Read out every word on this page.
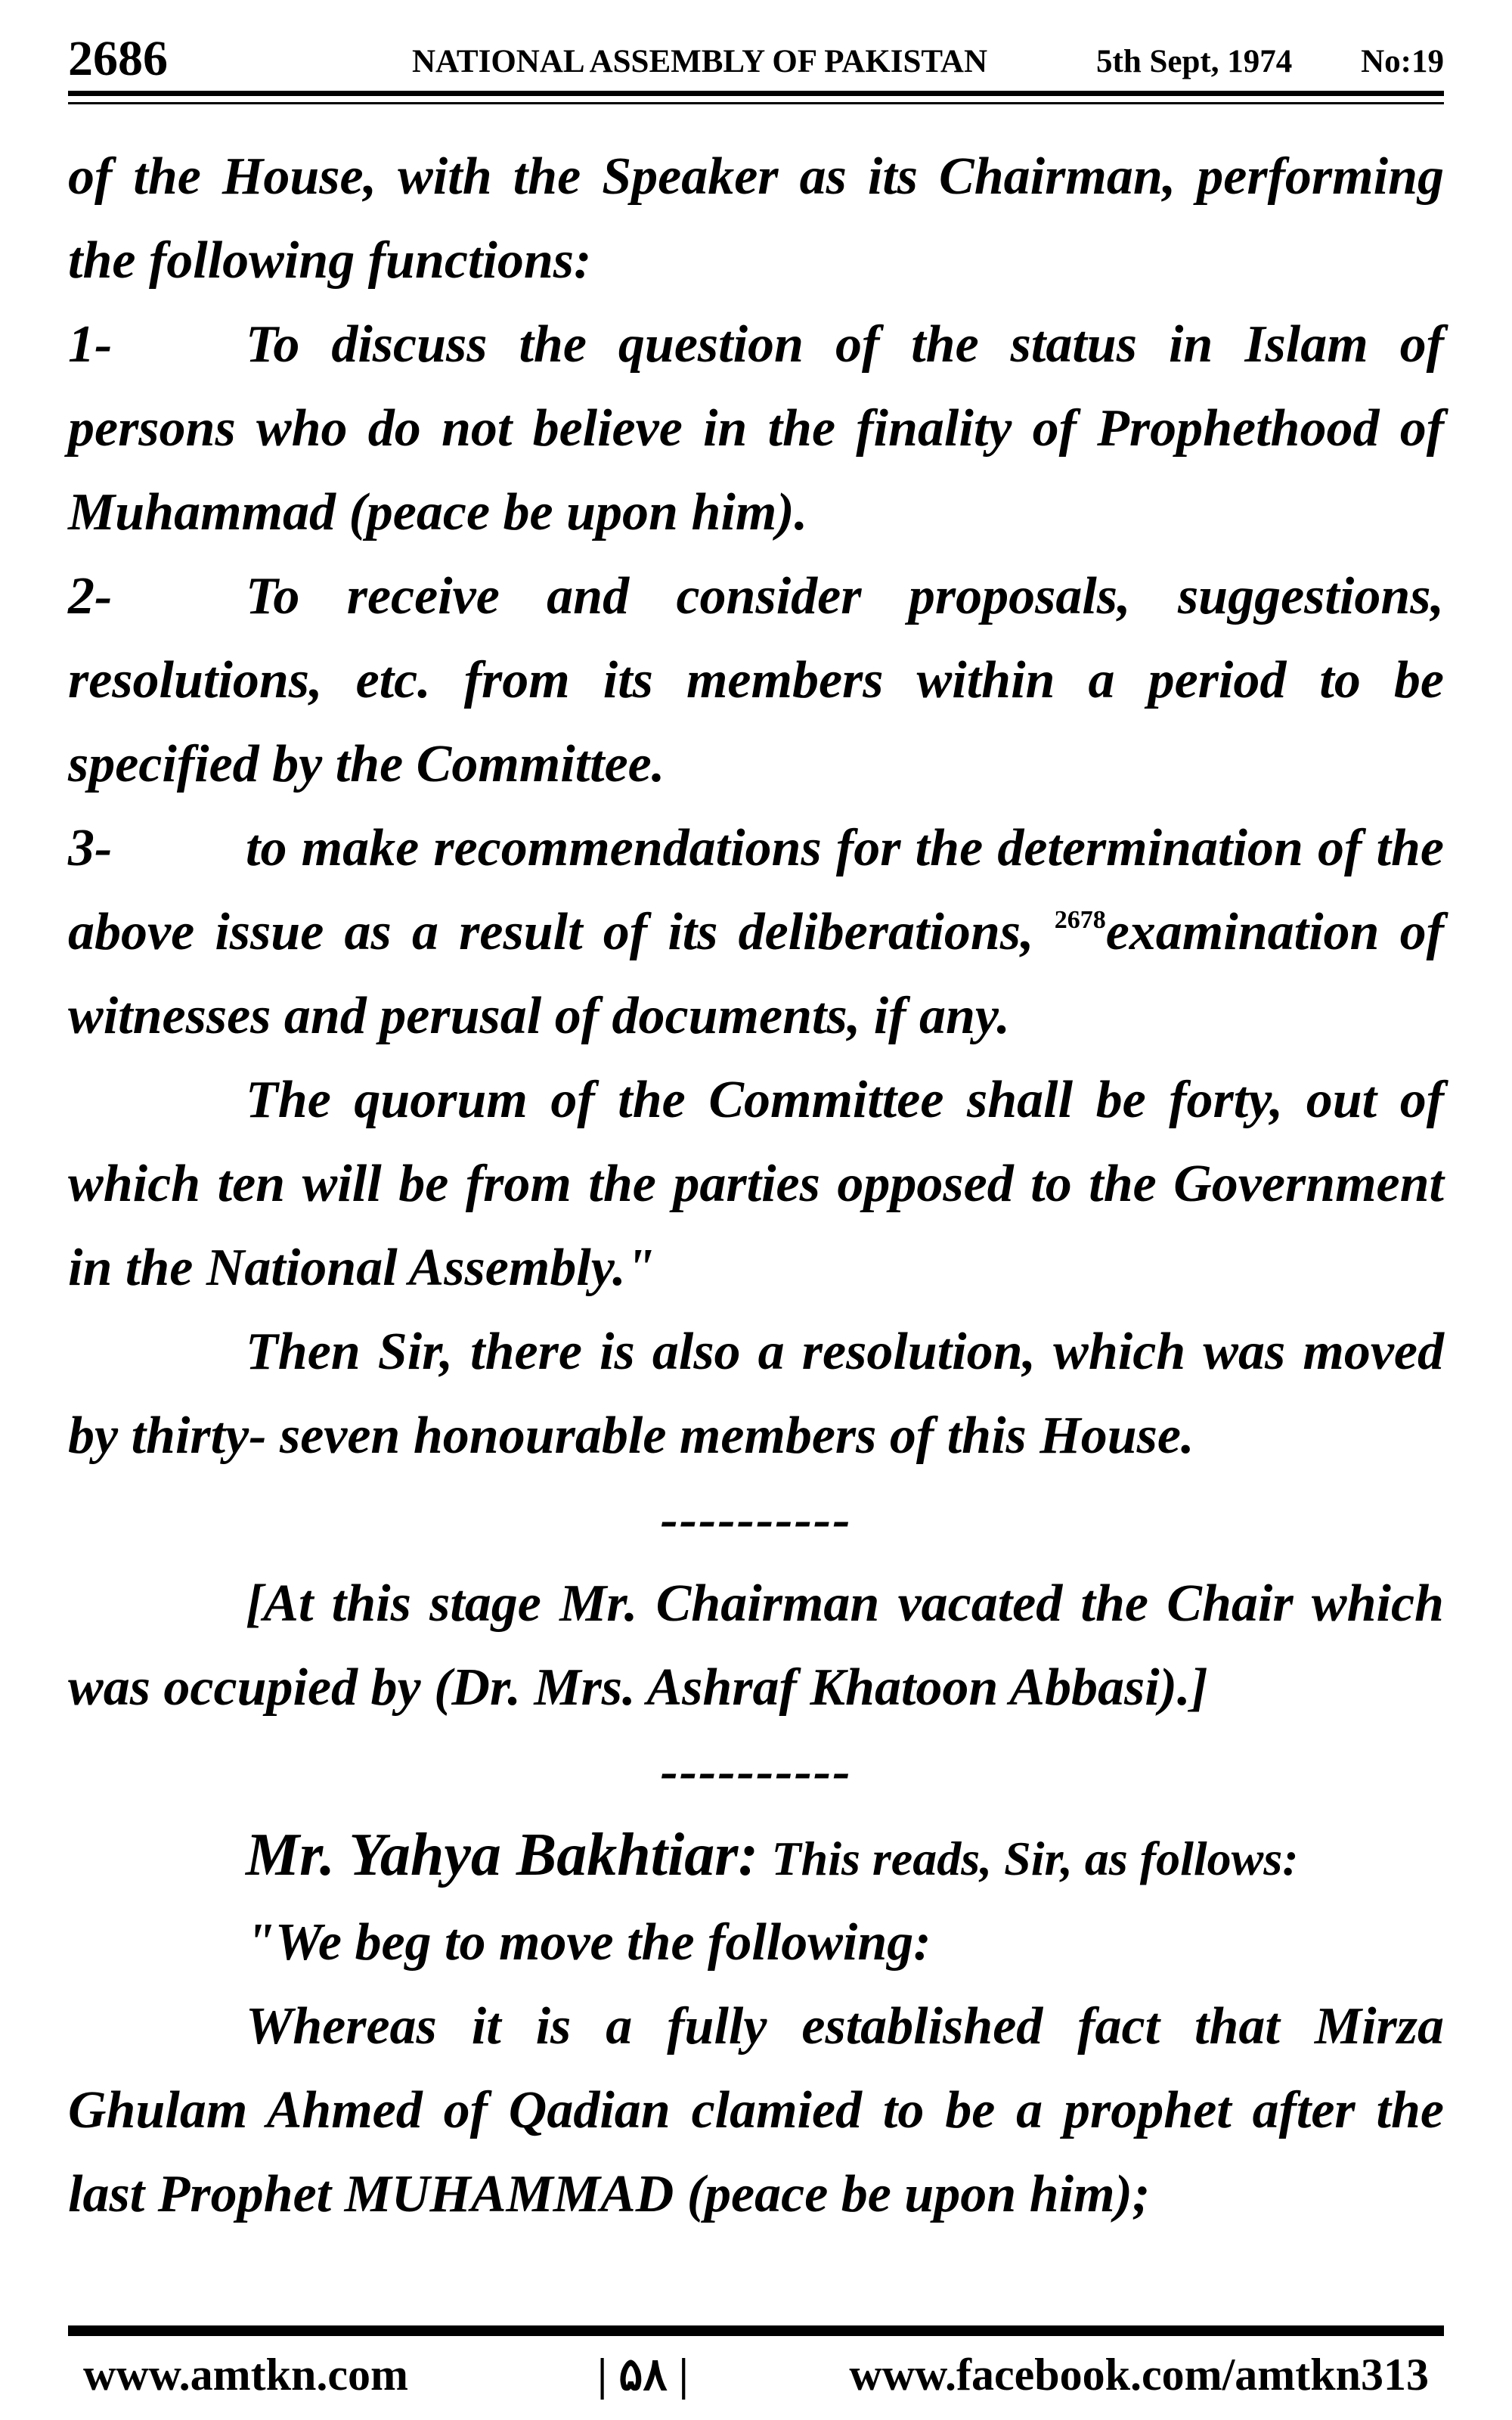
2686	NATIONAL ASSEMBLY OF PAKISTAN	5th Sept, 1974 No:19

of the House, with the Speaker as its Chairman, performing the following functions:

1-	To discuss the question of the status in Islam of persons who do not believe in the finality of Prophethood of Muhammad (peace be upon him).

2-	To receive and consider proposals, suggestions, resolutions, etc. from its members within a period to be specified by the Committee.

3-	to make recommendations for the determination of the above issue as a result of its deliberations, $^{2678}$examination of witnesses and perusal of documents, if any.

The quorum of the Committee shall be forty, out of which ten will be from the parties opposed to the Government in the National Assembly."

Then Sir, there is also a resolution, which was moved by thirty- seven honourable members of this House.

----------

[At this stage Mr. Chairman vacated the Chair which was occupied by (Dr. Mrs. Ashraf Khatoon Abbasi).]

----------

Mr. Yahya Bakhtiar: This reads, Sir, as follows:

"We beg to move the following:

Whereas it is a fully established fact that Mirza Ghulam Ahmed of Qadian clamied to be a prophet after the last Prophet MUHAMMAD (peace be upon him);

www.amtkn.com	| ۵۸ |	www.facebook.com/amtkn313
